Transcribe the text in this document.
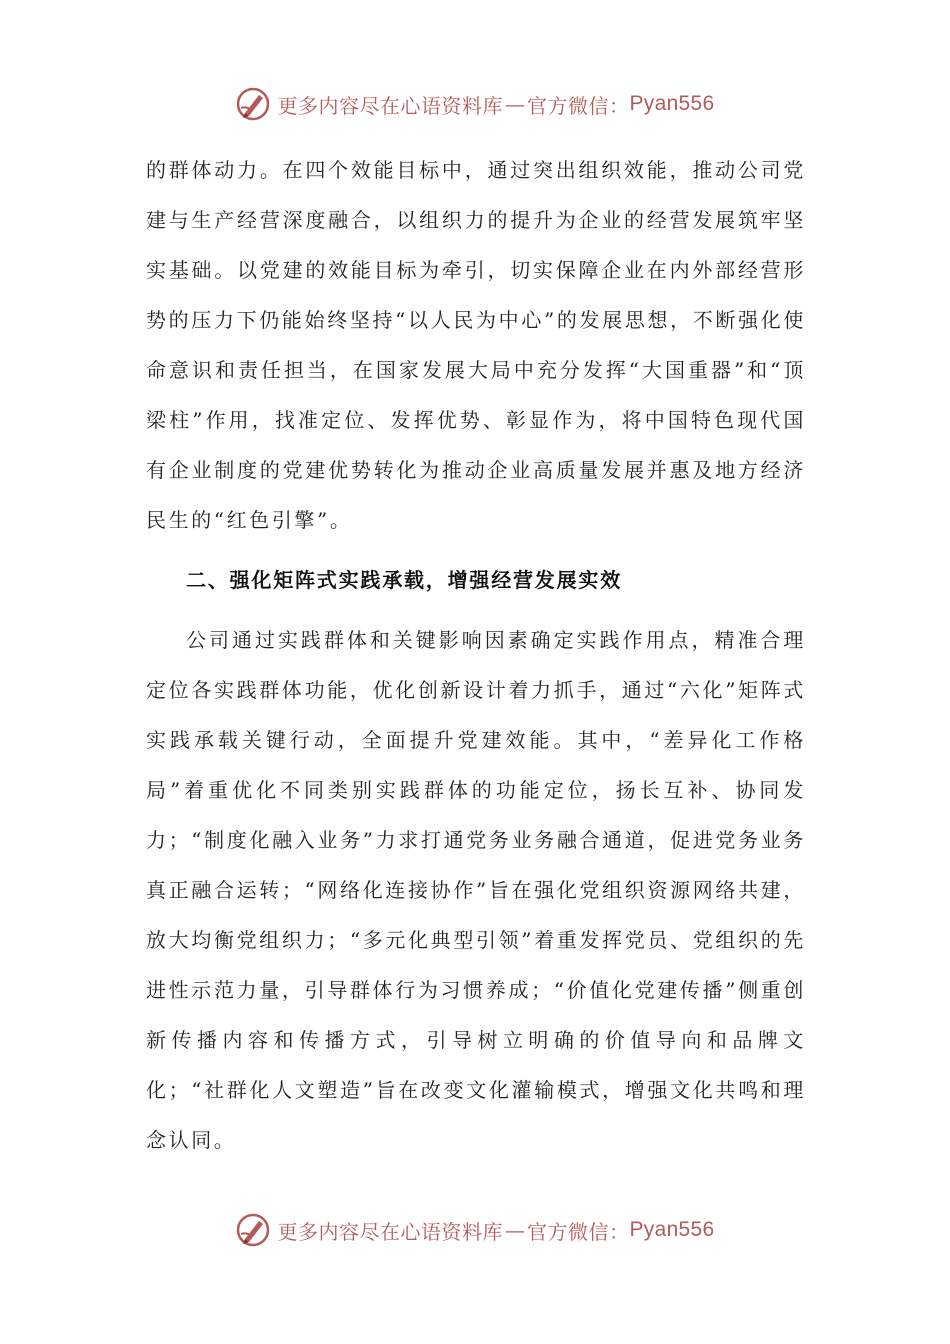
更多内容尽在心语资料库 — 官方微信： Pyan556

的群体动力。在四个效能目标中，通过突出组织效能，推动公司党建与生产经营深度融合，以组织力的提升为企业的经营发展筑牢坚实基础。以党建的效能目标为牵引，切实保障企业在内外部经营形势的压力下仍能始终坚持“以人民为中心”的发展思想，不断强化使命意识和责任担当，在国家发展大局中充分发挥“大国重器”和“顶梁柱”作用，找准定位、发挥优势、彰显作为，将中国特色现代国有企业制度的党建优势转化为推动企业高质量发展并惠及地方经济民生的“红色引擎”。

二、强化矩阵式实践承载，增强经营发展实效

公司通过实践群体和关键影响因素确定实践作用点，精准合理定位各实践群体功能，优化创新设计着力抓手，通过“六化”矩阵式实践承载关键行动，全面提升党建效能。其中，“差异化工作格局”着重优化不同类别实践群体的功能定位，扬长互补、协同发力；“制度化融入业务”力求打通党务业务融合通道，促进党务业务真正融合运转；“网络化连接协作”旨在强化党组织资源网络共建，放大均衡党组织力；“多元化典型引领”着重发挥党员、党组织的先进性示范力量，引导群体行为习惯养成；“价值化党建传播”侧重创新传播内容和传播方式，引导树立明确的价值导向和品牌文化；“社群化人文塑造”旨在改变文化灌输模式，增强文化共鸣和理念认同。

更多内容尽在心语资料库 — 官方微信： Pyan556
